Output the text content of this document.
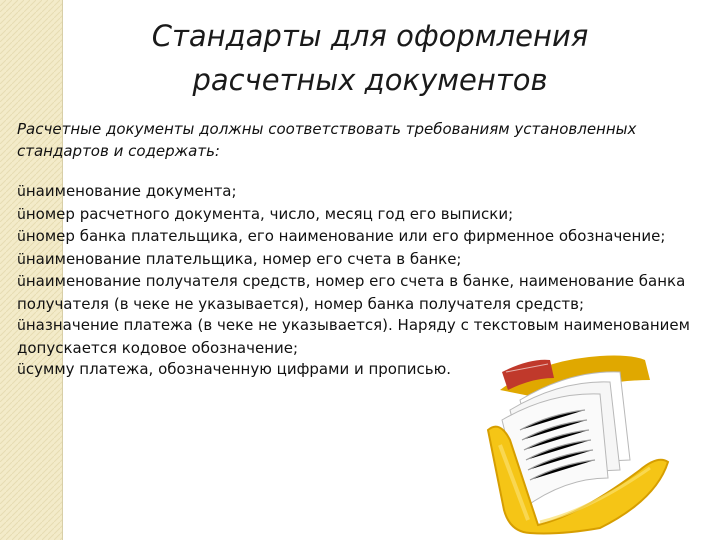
Стандарты для оформления расчетных документов
Расчетные документы должны соответствовать требованиям установленных стандартов и содержать:
üнаименование документа;
üномер расчетного документа, число, месяц год его выписки;
üномер банка плательщика, его наименование или его фирменное обозначение;
üнаименование плательщика, номер его счета в банке;
üнаименование получателя средств, номер его счета в банке, наименование банка получателя (в чеке не указывается), номер банка получателя средств;
üназначение платежа (в чеке не указывается). Наряду с текстовым наименованием допускается кодовое обозначение;
üсумму платежа, обозначенную цифрами и прописью.
